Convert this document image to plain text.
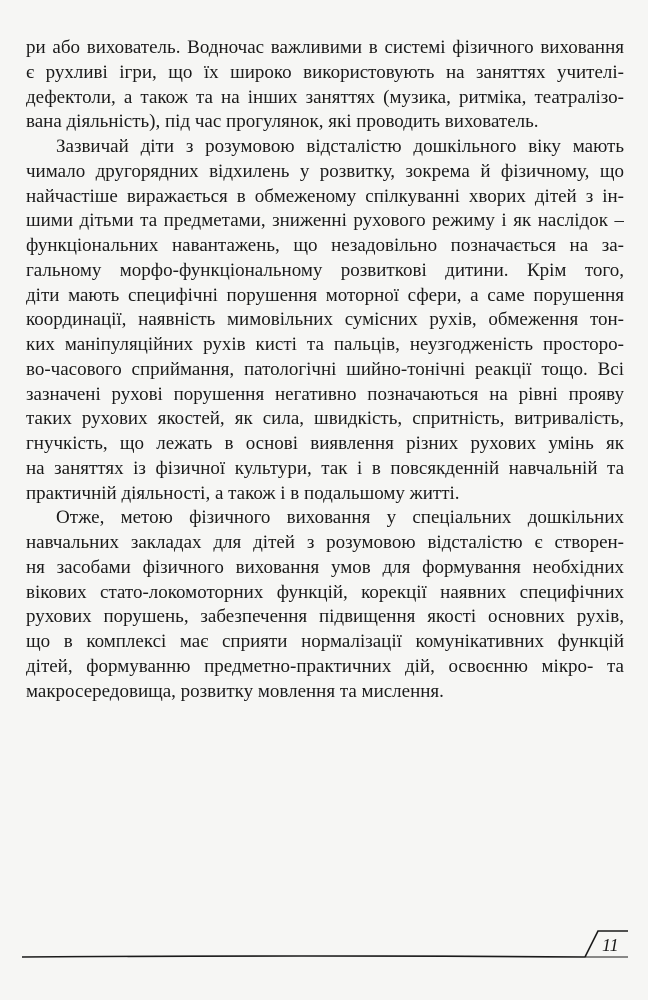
ри або вихователь. Водночас важливими в системі фізичного виховання
є рухливі ігри, що їх широко використовують на заняттях учителі-
дефектоли, а також та на інших заняттях (музика, ритміка, театралізо-
вана діяльність), під час прогулянок, які проводить вихователь.
Зазвичай діти з розумовою відсталістю дошкільного віку мають
чимало другорядних відхилень у розвитку, зокрема й фізичному, що
найчастіше виражається в обмеженому спілкуванні хворих дітей з ін-
шими дітьми та предметами, зниженні рухового режиму і як наслідок –
функціональних навантажень, що незадовільно позначається на за-
гальному морфо-функціональному розвиткові дитини. Крім того,
діти мають специфічні порушення моторної сфери, а саме порушення
координації, наявність мимовільних сумісних рухів, обмеження тон-
ких маніпуляційних рухів кисті та пальців, неузгодженість просторо-
во-часового сприймання, патологічні шийно-тонічні реакції тощо. Всі
зазначені рухові порушення негативно позначаються на рівні прояву
таких рухових якостей, як сила, швидкість, спритність, витривалість,
гнучкість, що лежать в основі виявлення різних рухових умінь як
на заняттях із фізичної культури, так і в повсякденній навчальній та
практичній діяльності, а також і в подальшому житті.
Отже, метою фізичного виховання у спеціальних дошкільних
навчальних закладах для дітей з розумовою відсталістю є створен-
ня засобами фізичного виховання умов для формування необхідних
вікових стато-локомоторних функцій, корекції наявних специфічних
рухових порушень, забезпечення підвищення якості основних рухів,
що в комплексі має сприяти нормалізації комунікативних функцій
дітей, формуванню предметно-практичних дій, освоєнню мікро- та
макросередовища, розвитку мовлення та мислення.
11
